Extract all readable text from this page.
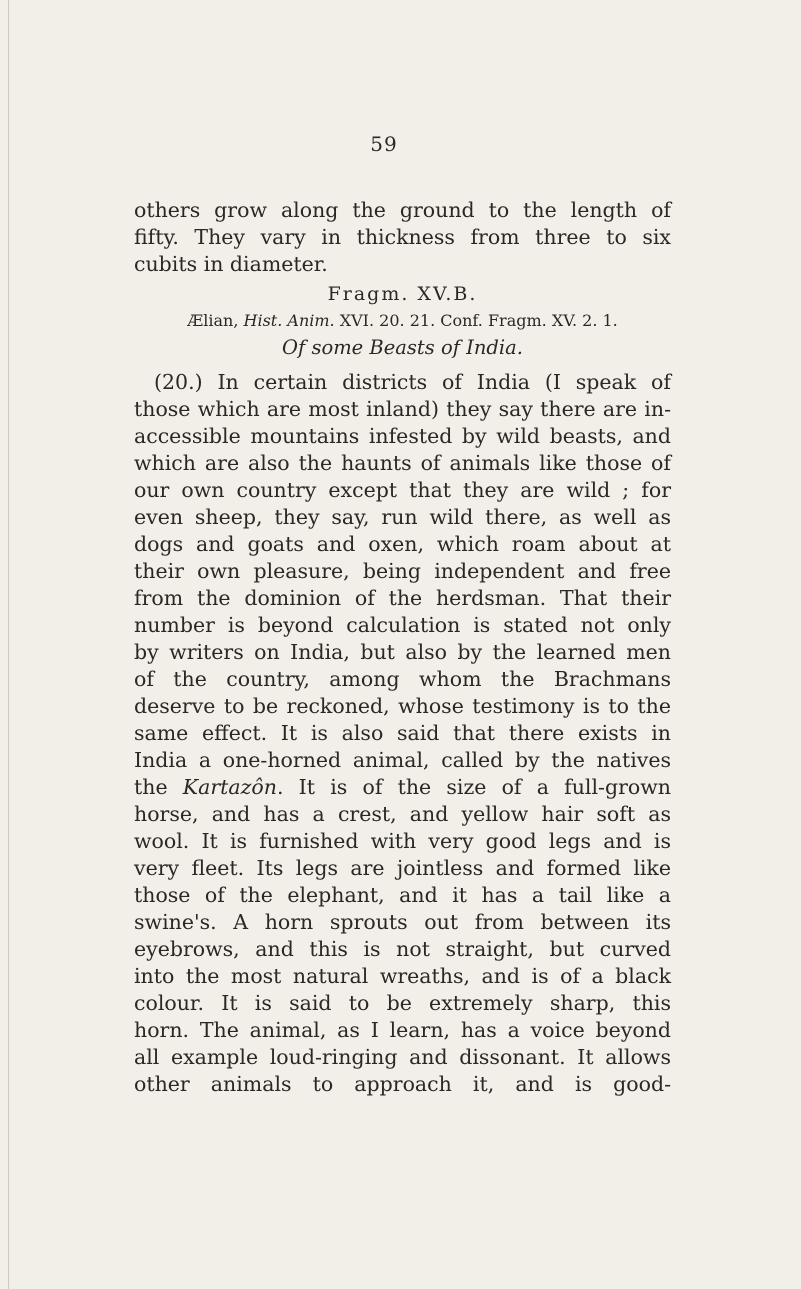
59
others grow along the ground to the length of
fifty. They vary in thickness from three to six
cubits in diameter.
Fragm. XV.B.
Ælian, Hist. Anim. XVI. 20. 21. Conf. Fragm. XV. 2. 1.
Of some Beasts of India.
(20.) In certain districts of India (I speak of
those which are most inland) they say there are in-
accessible mountains infested by wild beasts, and
which are also the haunts of animals like those of
our own country except that they are wild ; for
even sheep, they say, run wild there, as well as
dogs and goats and oxen, which roam about at
their own pleasure, being independent and free
from the dominion of the herdsman. That their
number is beyond calculation is stated not only
by writers on India, but also by the learned men
of the country, among whom the Brachmans
deserve to be reckoned, whose testimony is to the
same effect. It is also said that there exists in
India a one-horned animal, called by the natives
the Kartazôn. It is of the size of a full-grown
horse, and has a crest, and yellow hair soft as
wool. It is furnished with very good legs and is
very fleet. Its legs are jointless and formed like
those of the elephant, and it has a tail like a
swine's. A horn sprouts out from between its
eyebrows, and this is not straight, but curved
into the most natural wreaths, and is of a black
colour. It is said to be extremely sharp, this
horn. The animal, as I learn, has a voice beyond
all example loud-ringing and dissonant. It allows
other animals to approach it, and is good-
